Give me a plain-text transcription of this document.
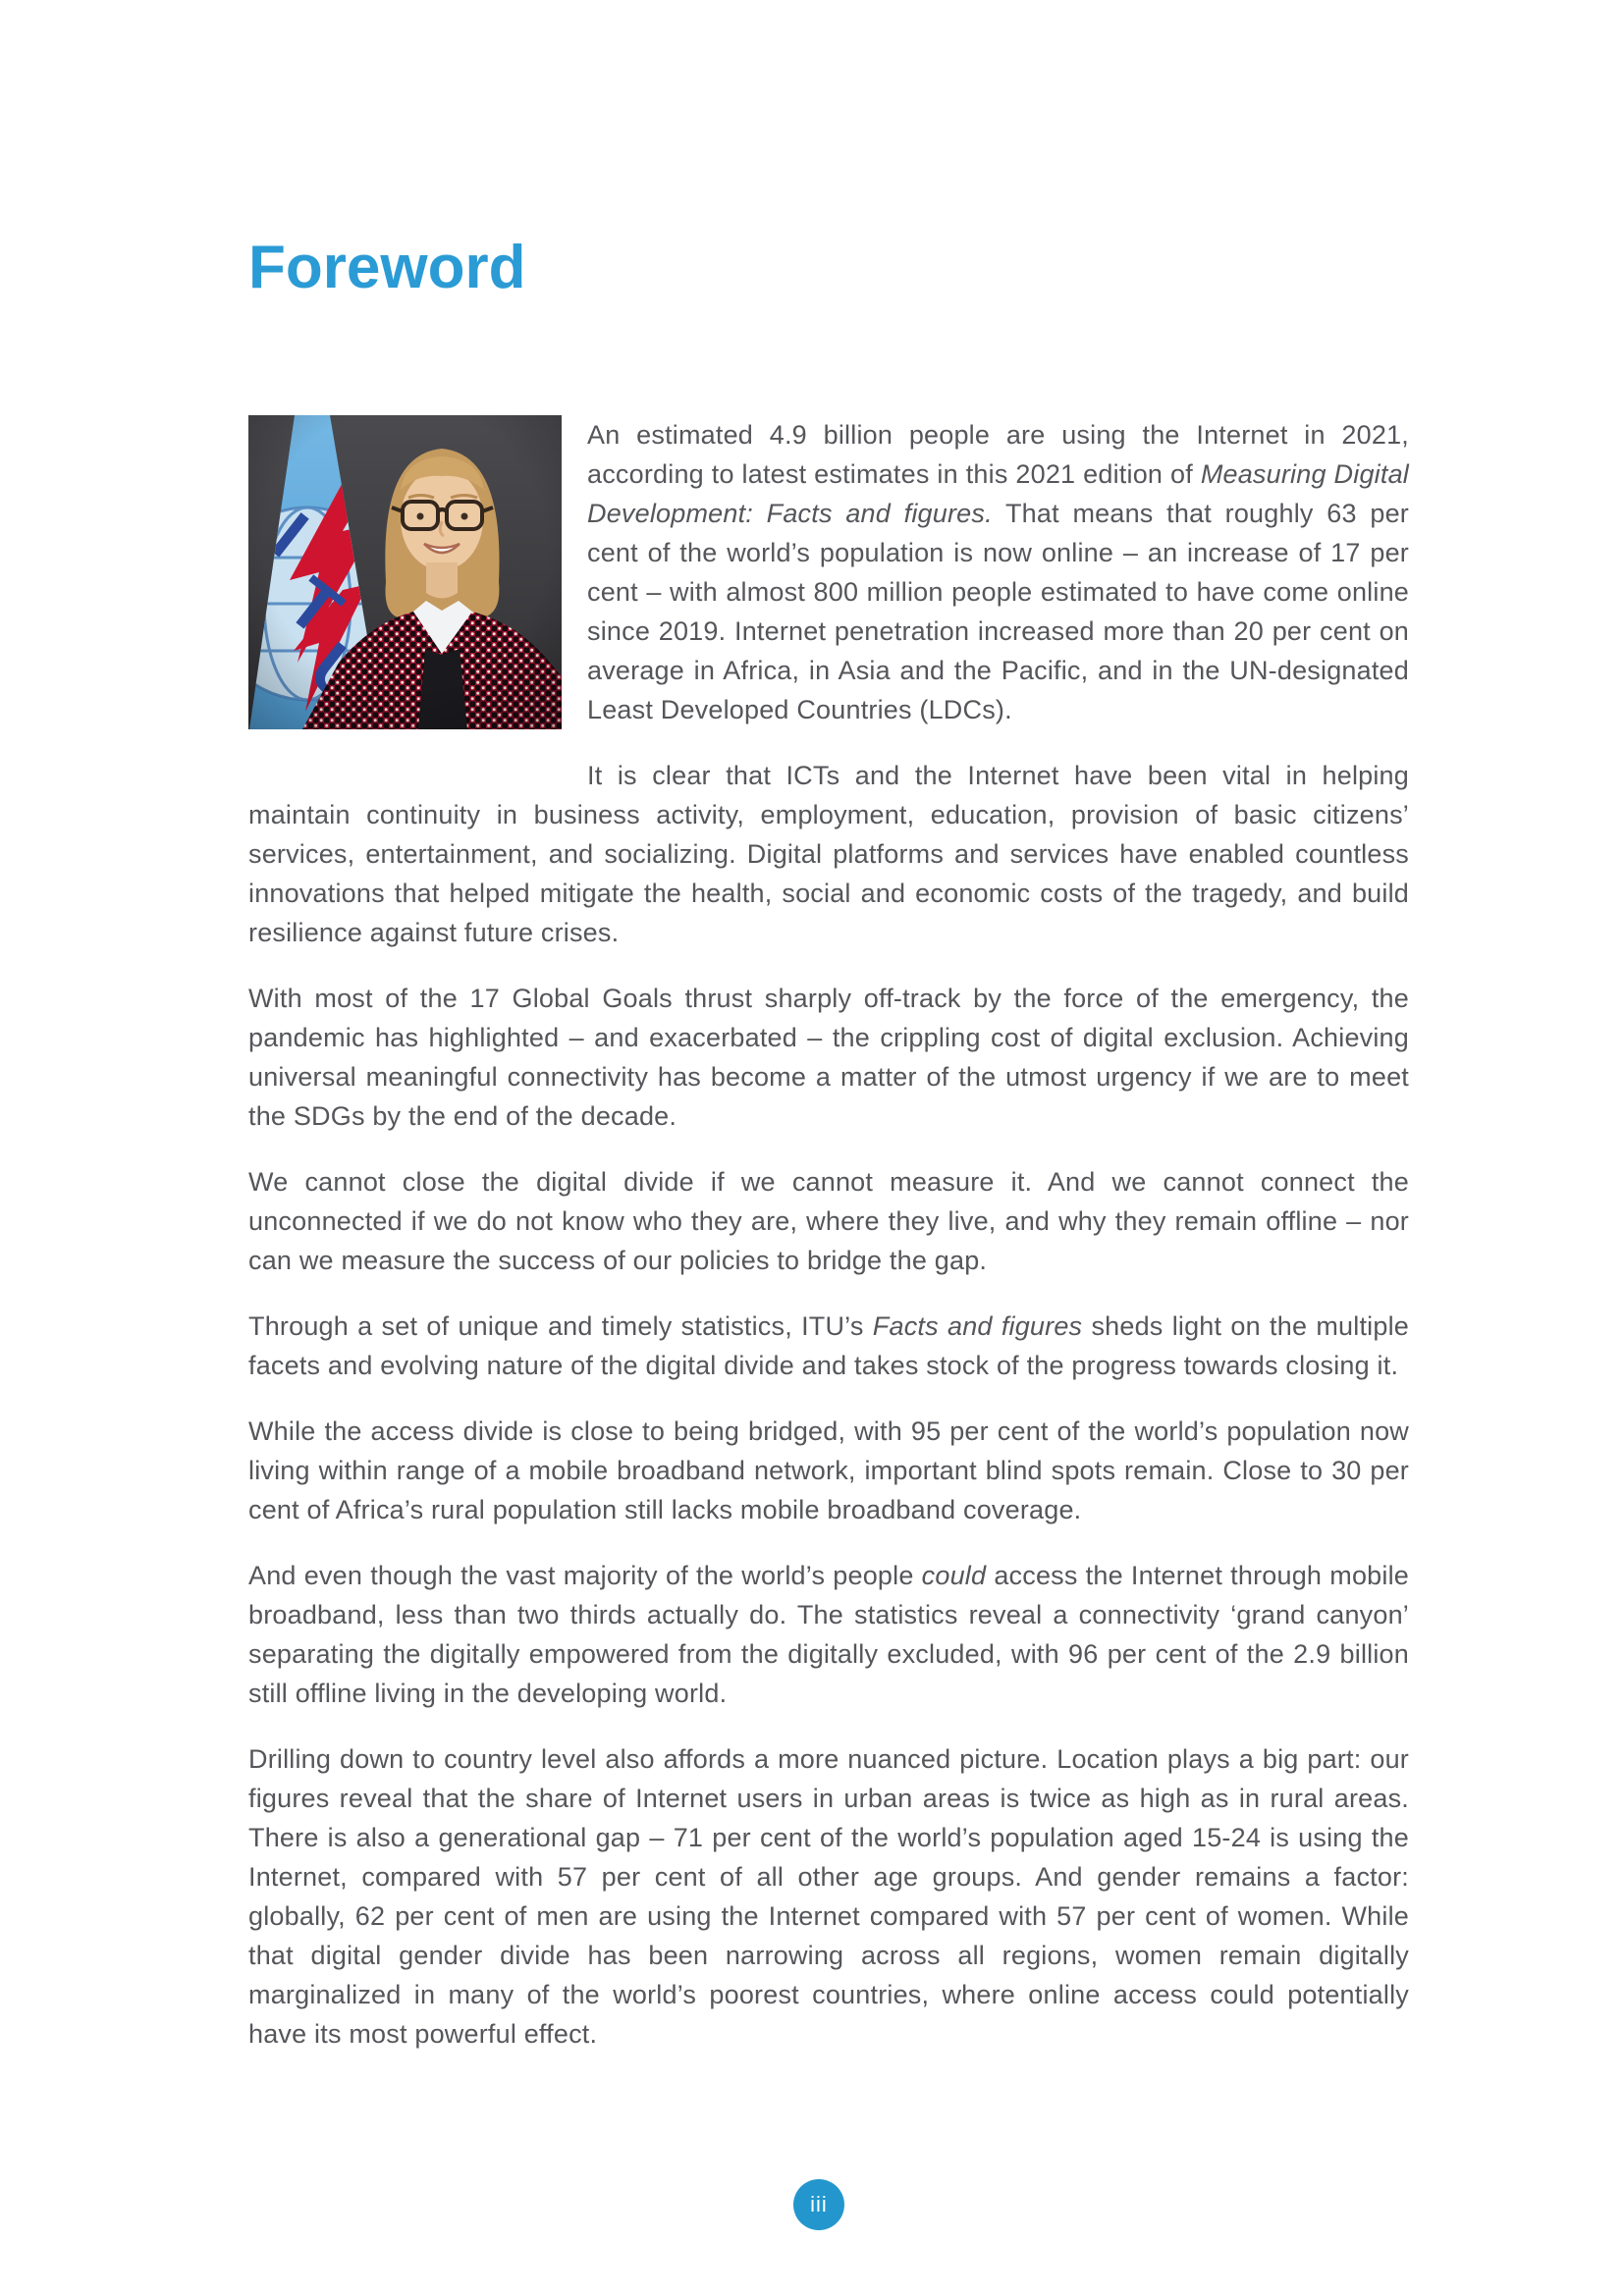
Foreword

An estimated 4.9 billion people are using the Internet in 2021, according to latest estimates in this 2021 edition of Measuring Digital Development: Facts and figures. That means that roughly 63 per cent of the world’s population is now online – an increase of 17 per cent – with almost 800 million people estimated to have come online since 2019. Internet penetration increased more than 20 per cent on average in Africa, in Asia and the Pacific, and in the UN-designated Least Developed Countries (LDCs).

It is clear that ICTs and the Internet have been vital in helping maintain continuity in business activity, employment, education, provision of basic citizens’ services, entertainment, and socializing. Digital platforms and services have enabled countless innovations that helped mitigate the health, social and economic costs of the tragedy, and build resilience against future crises.

With most of the 17 Global Goals thrust sharply off-track by the force of the emergency, the pandemic has highlighted – and exacerbated – the crippling cost of digital exclusion. Achieving universal meaningful connectivity has become a matter of the utmost urgency if we are to meet the SDGs by the end of the decade.

We cannot close the digital divide if we cannot measure it. And we cannot connect the unconnected if we do not know who they are, where they live, and why they remain offline – nor can we measure the success of our policies to bridge the gap.

Through a set of unique and timely statistics, ITU’s Facts and figures sheds light on the multiple facets and evolving nature of the digital divide and takes stock of the progress towards closing it.

While the access divide is close to being bridged, with 95 per cent of the world’s population now living within range of a mobile broadband network, important blind spots remain. Close to 30 per cent of Africa’s rural population still lacks mobile broadband coverage.

And even though the vast majority of the world’s people could access the Internet through mobile broadband, less than two thirds actually do. The statistics reveal a connectivity ‘grand canyon’ separating the digitally empowered from the digitally excluded, with 96 per cent of the 2.9 billion still offline living in the developing world.

Drilling down to country level also affords a more nuanced picture. Location plays a big part: our figures reveal that the share of Internet users in urban areas is twice as high as in rural areas. There is also a generational gap – 71 per cent of the world’s population aged 15-24 is using the Internet, compared with 57 per cent of all other age groups. And gender remains a factor: globally, 62 per cent of men are using the Internet compared with 57 per cent of women. While that digital gender divide has been narrowing across all regions, women remain digitally marginalized in many of the world’s poorest countries, where online access could potentially have its most powerful effect.

iii
